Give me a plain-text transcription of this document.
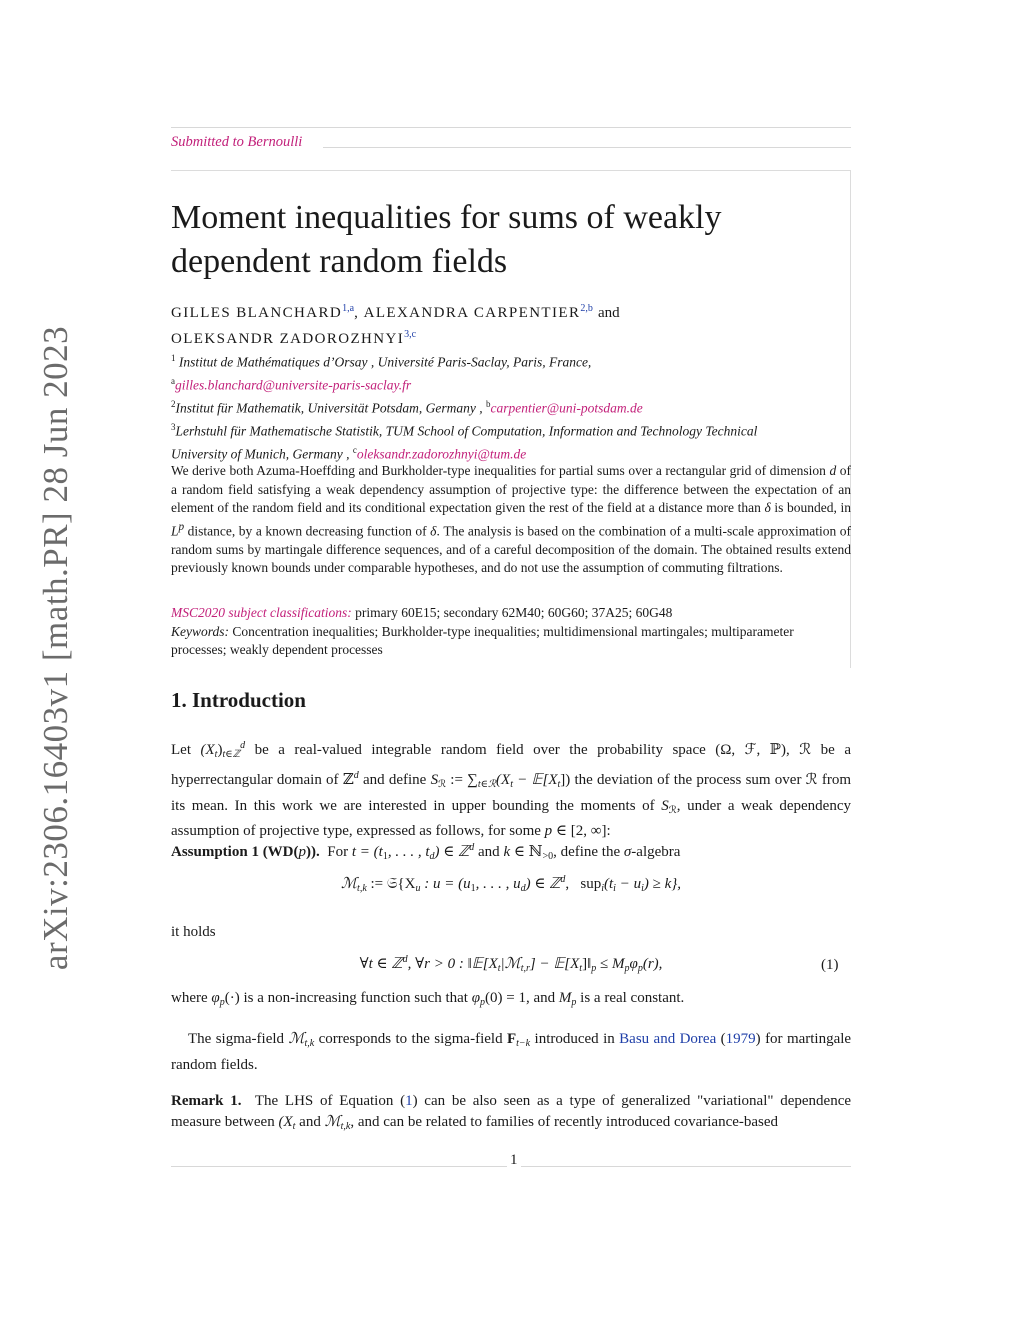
arXiv:2306.16403v1 [math.PR] 28 Jun 2023
Submitted to Bernoulli
Moment inequalities for sums of weakly dependent random fields
GILLES BLANCHARD$^{1,a}$, ALEXANDRA CARPENTIER$^{2,b}$ and
OLEKSANDR ZADOROZHNYI$^{3,c}$
$^1$ Institut de Mathématiques d’Orsay , Université Paris-Saclay, Paris, France,
$^a$gilles.blanchard@universite-paris-saclay.fr
$^2$Institut für Mathematik, Universität Potsdam, Germany , $^b$carpentier@uni-potsdam.de
$^3$Lerhstuhl für Mathematische Statistik, TUM School of Computation, Information and Technology Technical
University of Munich, Germany , $^c$oleksandr.zadorozhnyi@tum.de

We derive both Azuma-Hoeffding and Burkholder-type inequalities for partial sums over a rectangular grid of dimension d of a random field satisfying a weak dependency assumption of projective type: the difference between the expectation of an element of the random field and its conditional expectation given the rest of the field at a distance more than δ is bounded, in $L^p$ distance, by a known decreasing function of δ. The analysis is based on the combination of a multi-scale approximation of random sums by martingale difference sequences, and of a careful decomposition of the domain. The obtained results extend previously known bounds under comparable hypotheses, and do not use the assumption of commuting filtrations.

MSC2020 subject classifications: primary 60E15; secondary 62M40; 60G60; 37A25; 60G48
Keywords: Concentration inequalities; Burkholder-type inequalities; multidimensional martingales; multiparameter processes; weakly dependent processes
1. Introduction

Let $(X_t)_{t\in ℤ}^d$ be a real-valued integrable random field over the probability space (Ω, ℱ, ℙ), ℛ be a hyperrectangular domain of ℤ$^d$ and define $S_ℛ$ := $\sum_{t\in ℛ}(X_t$ − $𝔼[X_t]$) the deviation of the process sum over ℛ from its mean. In this work we are interested in upper bounding the moments of $S_ℛ$, under a weak dependency assumption of projective type, expressed as follows, for some p ∈ [2, ∞]:

Assumption 1 (WD(p)). For $t = (t_1$, . . . , $t_d$) ∈ ℤ$^d$ and k ∈ ℕ$_{>0}$, define the σ-algebra

ℳ$_{t,k}$ := $𝔖\{X_u$ : $u = (u_1$, . . . , $u_d$) ∈ ℤ$^d$, $sup_i(t_i - u_i) \ge k$},
it holds
∀t ∈ ℤ$^d$, ∀r > 0 : $‖𝔼[X_t|ℳ_{t,r}]$ − $𝔼[X_t]‖_p \le M_p\varphi_p(r)$,	(1)

where $\varphi_p(\cdot)$ is a non-increasing function such that $\varphi_p(0) = 1$, and $M_p$ is a real constant.

The sigma-field ℳ$_{t,k}$ corresponds to the sigma-field $F_{t-k}$ introduced in Basu and Dorea (1979) for martingale random fields.

Remark 1. The LHS of Equation (1) can be also seen as a type of generalized "variational" dependence measure between ($X_t$ and ℳ$_{t,k}$, and can be related to families of recently introduced covariance-based

1
